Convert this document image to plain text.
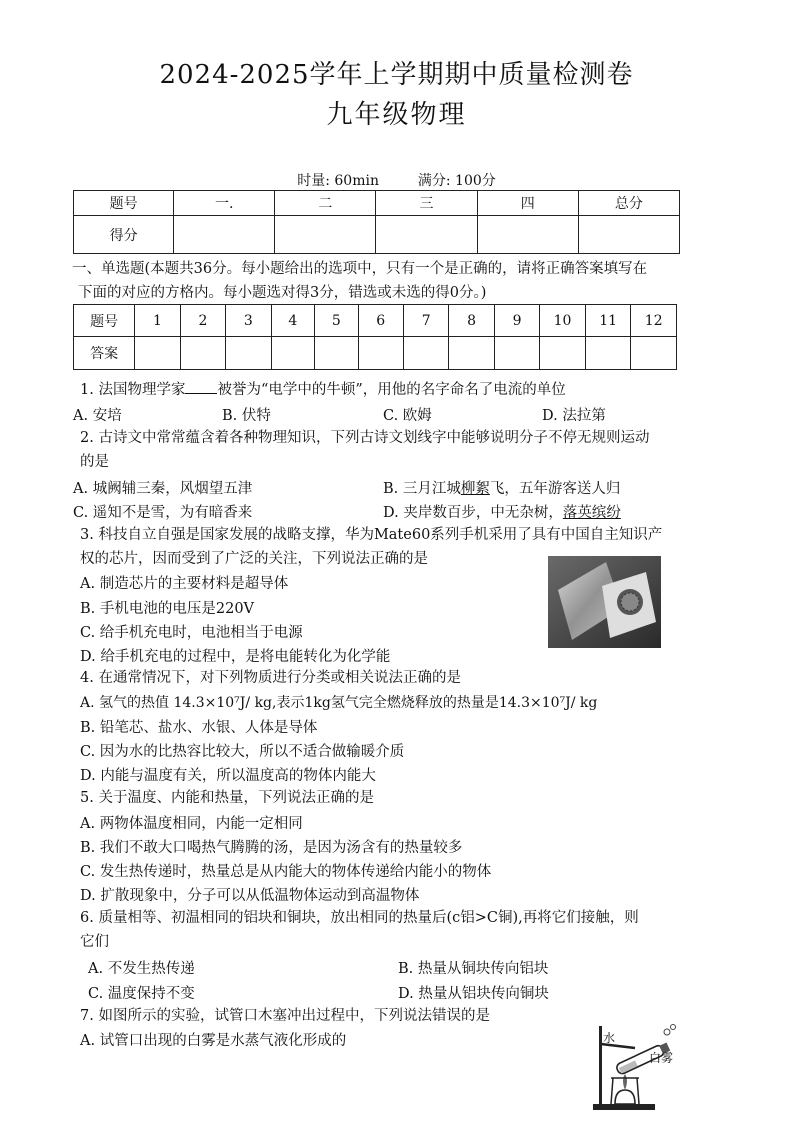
2024-2025学年上学期期中质量检测卷
九年级物理
时量: 60min	满分: 100分
题号	一.	二	三	四	总分
得分					
一、单选题(本题共36分。每小题给出的选项中，只有一个是正确的，请将正确答案填写在
下面的对应的方格内。每小题选对得3分，错选或未选的得0分。)
题号	1	2	3	4	5	6	7	8	9	10	11	12
答案												
1. 法国物理学家 被誉为“电学中的牛顿”，用他的名字命名了电流的单位
A. 安培	B. 伏特	C. 欧姆	D. 法拉第
2. 古诗文中常常蕴含着各种物理知识，下列古诗文划线字中能够说明分子不停无规则运动
的是
A. 城阙辅三秦，风烟望五津	B. 三月江城柳絮飞，五年游客送人归
C. 遥知不是雪，为有暗香来	D. 夹岸数百步，中无杂树，落英缤纷
3. 科技自立自强是国家发展的战略支撑，华为Mate60系列手机采用了具有中国自主知识产
权的芯片，因而受到了广泛的关注，下列说法正确的是
A. 制造芯片的主要材料是超导体
B. 手机电池的电压是220V
C. 给手机充电时，电池相当于电源
D. 给手机充电的过程中，是将电能转化为化学能
4. 在通常情况下，对下列物质进行分类或相关说法正确的是
A. 氢气的热值 14.3×10⁷J/ kg,表示1kg氢气完全燃烧释放的热量是14.3×10⁷J/ kg
B. 铅笔芯、盐水、水银、人体是导体
C. 因为水的比热容比较大，所以不适合做输暖介质
D. 内能与温度有关，所以温度高的物体内能大
5. 关于温度、内能和热量，下列说法正确的是
A. 两物体温度相同，内能一定相同
B. 我们不敢大口喝热气腾腾的汤，是因为汤含有的热量较多
C. 发生热传递时，热量总是从内能大的物体传递给内能小的物体
D. 扩散现象中，分子可以从低温物体运动到高温物体
6. 质量相等、初温相同的铝块和铜块，放出相同的热量后(c铝>C铜),再将它们接触，则
它们
A. 不发生热传递	B. 热量从铜块传向铝块
C. 温度保持不变	D. 热量从铝块传向铜块
7. 如图所示的实验，试管口木塞冲出过程中，下列说法错误的是
A. 试管口出现的白雾是水蒸气液化形成的	水
白雾
